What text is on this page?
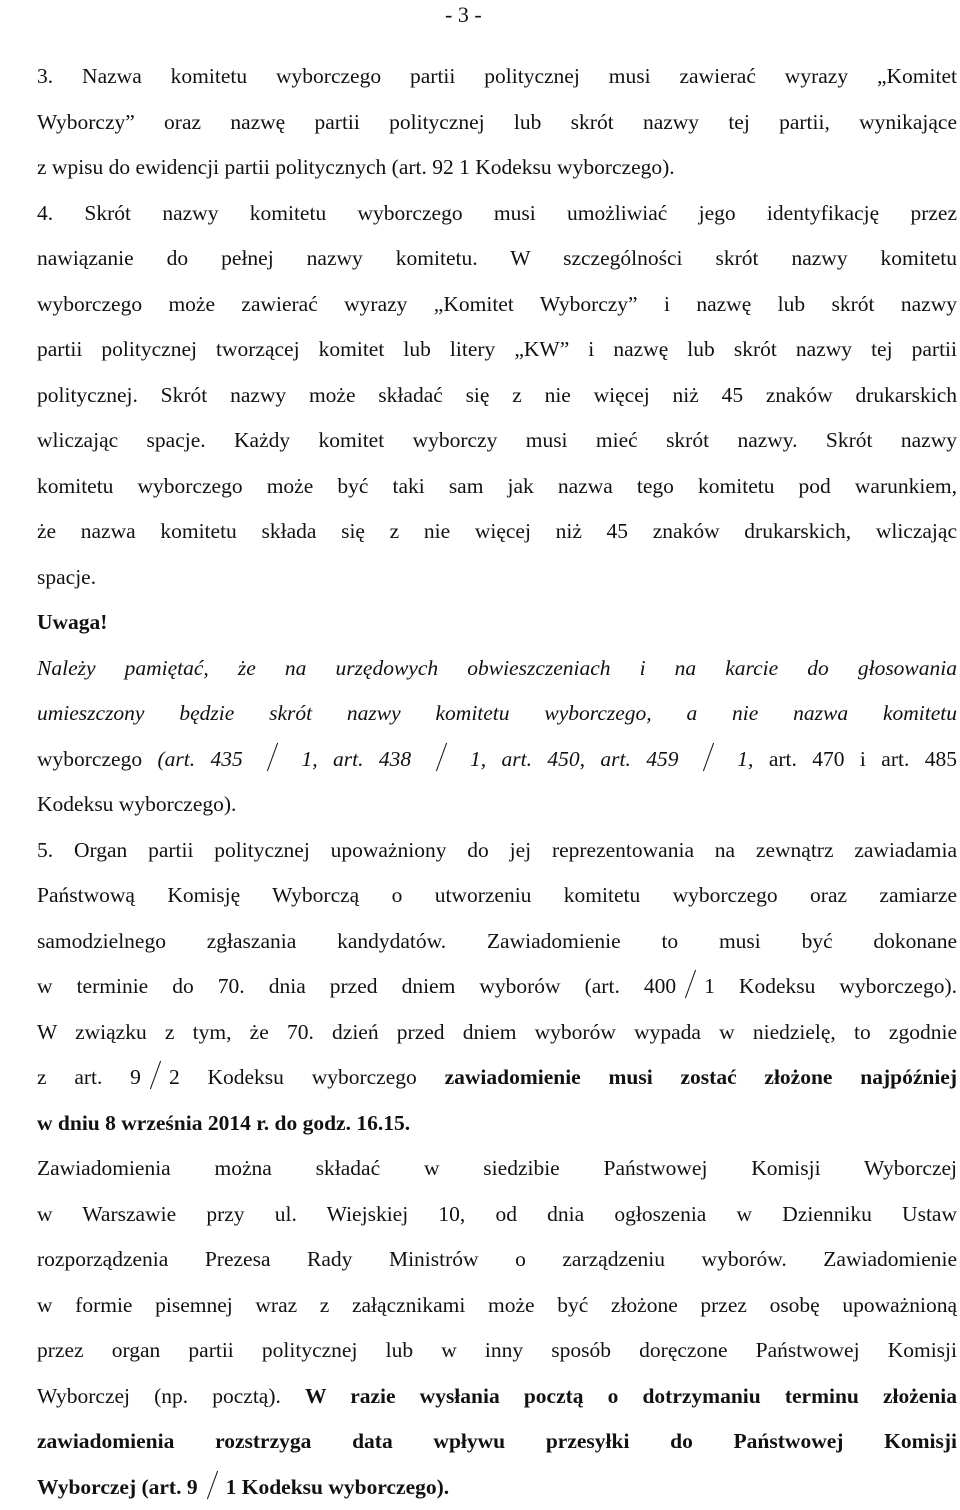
- 3 -

3. Nazwa komitetu wyborczego partii politycznej musi zawierać wyrazy „Komitet
Wyborczy” oraz nazwę partii politycznej lub skrót nazwy tej partii, wynikające
z wpisu do ewidencji partii politycznych (art. 92 1 Kodeksu wyborczego).

4. Skrót nazwy komitetu wyborczego musi umożliwiać jego identyfikację przez
nawiązanie do pełnej nazwy komitetu. W szczególności skrót nazwy komitetu
wyborczego może zawierać wyrazy „Komitet Wyborczy” i nazwę lub skrót nazwy
partii politycznej tworzącej komitet lub litery „KW” i nazwę lub skrót nazwy tej partii
politycznej. Skrót nazwy może składać się z nie więcej niż 45 znaków drukarskich
wliczając spacje. Każdy komitet wyborczy musi mieć skrót nazwy. Skrót nazwy
komitetu wyborczego może być taki sam jak nazwa tego komitetu pod warunkiem,
że nazwa komitetu składa się z nie więcej niż 45 znaków drukarskich, wliczając
spacje.

Uwaga!
Należy pamiętać, że na urzędowych obwieszczeniach i na karcie do głosowania
umieszczony będzie skrót nazwy komitetu wyborczego, a nie nazwa komitetu
wyborczego (art. 435  1, art. 438  1, art. 450, art. 459  1, art. 470 i art. 485
Kodeksu wyborczego).

5. Organ partii politycznej upoważniony do jej reprezentowania na zewnątrz zawiadamia
Państwową Komisję Wyborczą o utworzeniu komitetu wyborczego oraz zamiarze
samodzielnego zgłaszania kandydatów. Zawiadomienie to musi być dokonane
w terminie do 70. dnia przed dniem wyborów (art. 400 1 Kodeksu wyborczego).
W związku z tym, że 70. dzień przed dniem wyborów wypada w niedzielę, to zgodnie
z art. 9 2 Kodeksu wyborczego zawiadomienie musi zostać złożone najpóźniej
w dniu 8 września 2014 r. do godz. 16.15.

Zawiadomienia można składać w siedzibie Państwowej Komisji Wyborczej
w Warszawie przy ul. Wiejskiej 10, od dnia ogłoszenia w Dzienniku Ustaw
rozporządzenia Prezesa Rady Ministrów o zarządzeniu wyborów. Zawiadomienie
w formie pisemnej wraz z załącznikami może być złożone przez osobę upoważnioną
przez organ partii politycznej lub w inny sposób doręczone Państwowej Komisji
Wyborczej (np. pocztą). W razie wysłania pocztą o dotrzymaniu terminu złożenia
zawiadomienia rozstrzyga data wpływu przesyłki do Państwowej Komisji
Wyborczej (art. 9 1 Kodeksu wyborczego).
